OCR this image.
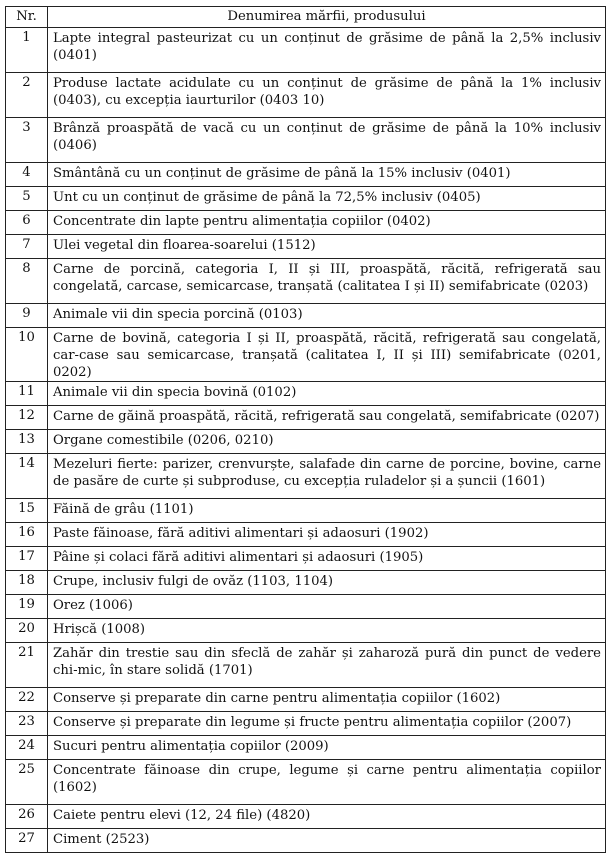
Nr.	Denumirea mărfii, produsului
1	Lapte integral pasteurizat cu un conținut de grăsime de până la 2,5% inclusiv (0401)
2	Produse lactate acidulate cu un conținut de grăsime de până la 1% inclusiv (0403), cu excepția iaurturilor (0403 10)
3	Brânză proaspătă de vacă cu un conținut de grăsime de până la 10% inclusiv (0406)
4	Smântână cu un conținut de grăsime de până la 15% inclusiv (0401)
5	Unt cu un conținut de grăsime de până la 72,5% inclusiv (0405)
6	Concentrate din lapte pentru alimentația copiilor (0402)
7	Ulei vegetal din floarea-soarelui (1512)
8	Carne de porcină, categoria I, II și III, proaspătă, răcită, refrigerată sau congelată, carcase, semicarcase, tranșată (calitatea I și II) semifabricate (0203)
9	Animale vii din specia porcină (0103)
10	Carne de bovină, categoria I și II, proaspătă, răcită, refrigerată sau congelată, car-case sau semicarcase, tranșată (calitatea I, II și III) semifabricate (0201, 0202)
11	Animale vii din specia bovină (0102)
12	Carne de găină proaspătă, răcită, refrigerată sau congelată, semifabricate (0207)
13	Organe comestibile (0206, 0210)
14	Mezeluri fierte: parizer, crenvurște, salafade din carne de porcine, bovine, carne de pasăre de curte și subproduse, cu excepția ruladelor și a șuncii (1601)
15	Făină de grâu (1101)
16	Paste făinoase, fără aditivi alimentari și adaosuri (1902)
17	Pâine și colaci fără aditivi alimentari și adaosuri (1905)
18	Crupe, inclusiv fulgi de ovăz (1103, 1104)
19	Orez (1006)
20	Hrișcă (1008)
21	Zahăr din trestie sau din sfeclă de zahăr și zaharoză pură din punct de vedere chi-mic, în stare solidă (1701)
22	Conserve și preparate din carne pentru alimentația copiilor (1602)
23	Conserve și preparate din legume și fructe pentru alimentația copiilor (2007)
24	Sucuri pentru alimentația copiilor (2009)
25	Concentrate făinoase din crupe, legume și carne pentru alimentația copiilor (1602)
26	Caiete pentru elevi (12, 24 file) (4820)
27	Ciment (2523)
